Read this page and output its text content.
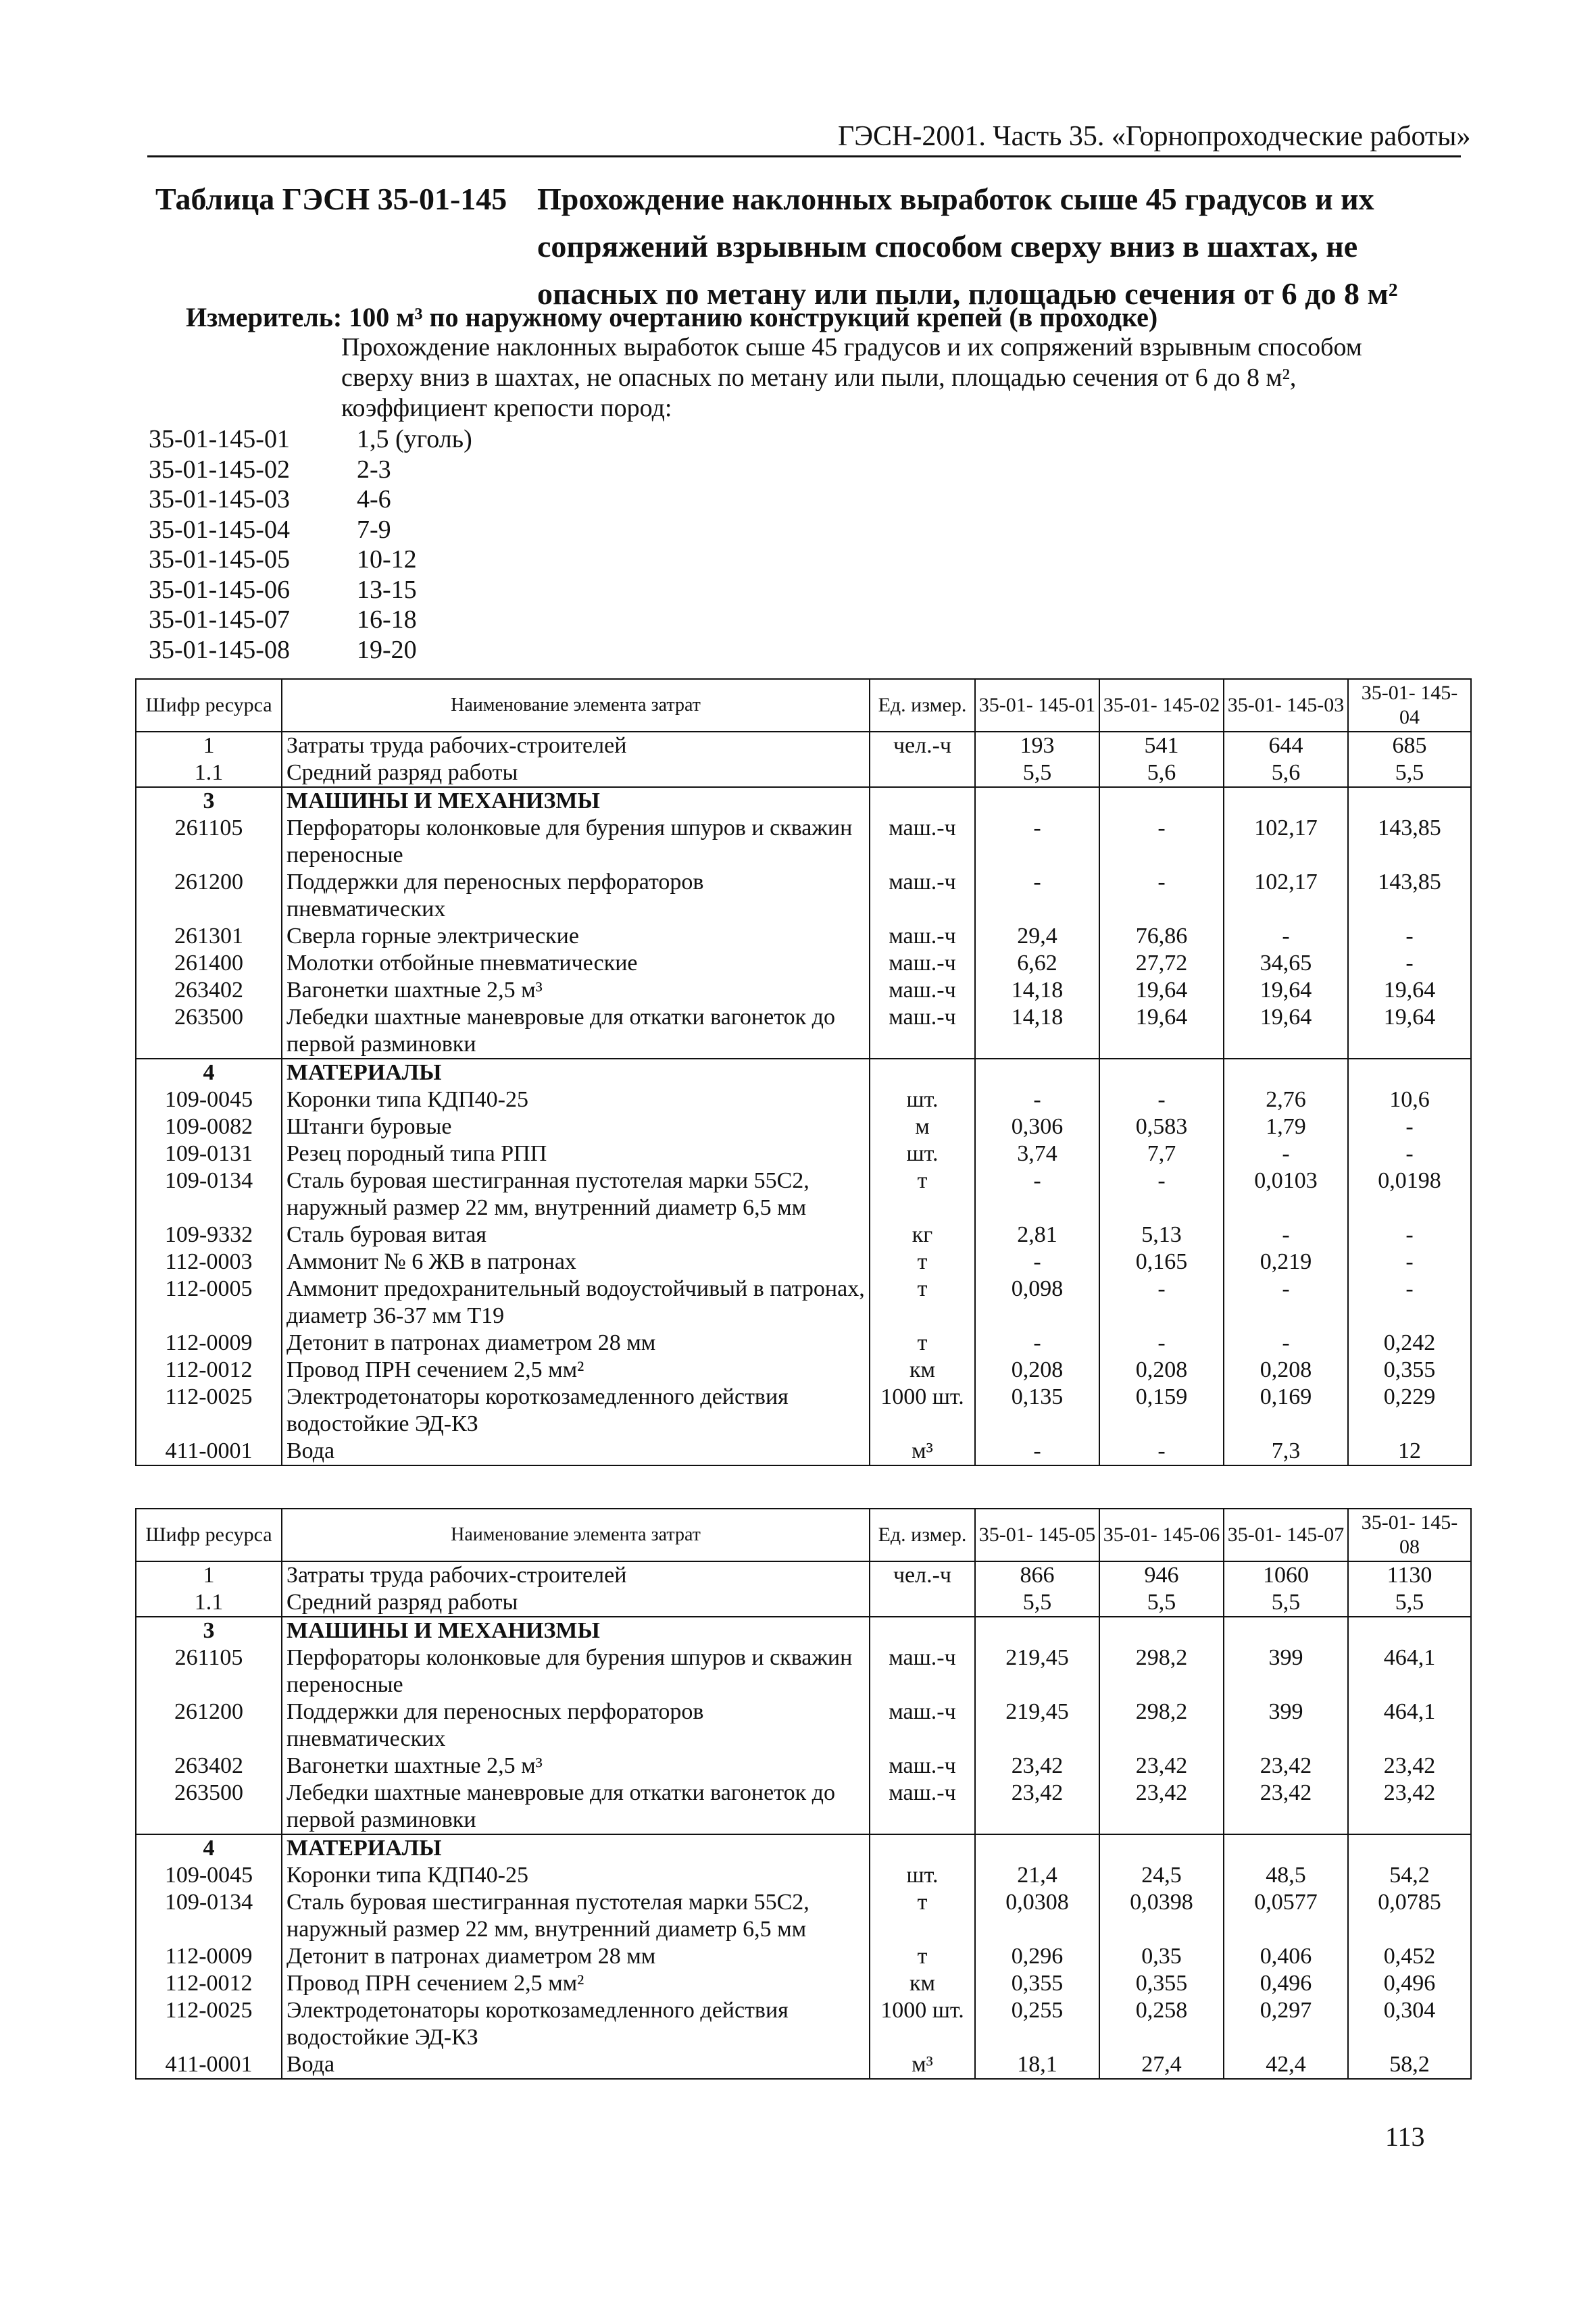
ГЭСН-2001. Часть 35. «Горнопроходческие работы»
Таблица ГЭСН 35-01-145 Прохождение наклонных выработок сыше 45 градусов и их
сопряжений взрывным способом сверху вниз в шахтах, не
опасных по метану или пыли, площадью сечения от 6 до 8 м²
Измеритель: 100 м³ по наружному очертанию конструкций крепей (в проходке)
Прохождение наклонных выработок сыше 45 градусов и их сопряжений взрывным способом
сверху вниз в шахтах, не опасных по метану или пыли, площадью сечения от 6 до 8 м²,
коэффициент крепости пород:
35-01-145-01	1,5 (уголь)
35-01-145-02	2-3
35-01-145-03	4-6
35-01-145-04	7-9
35-01-145-05	10-12
35-01-145-06	13-15
35-01-145-07	16-18
35-01-145-08	19-20
Шифр ресурса	Наименование элемента затрат	Ед. измер.	35-01- 145-01	35-01- 145-02	35-01- 145-03	35-01- 145-04
1	Затраты труда рабочих-строителей	чел.-ч	193	541	644	685
1.1	Средний разряд работы		5,5	5,6	5,6	5,5
3	МАШИНЫ И МЕХАНИЗМЫ					
261105	Перфораторы колонковые для бурения шпуров и скважин переносные	маш.-ч	-	-	102,17	143,85
261200	Поддержки для переносных перфораторов пневматических	маш.-ч	-	-	102,17	143,85
261301	Сверла горные электрические	маш.-ч	29,4	76,86	-	-
261400	Молотки отбойные пневматические	маш.-ч	6,62	27,72	34,65	-
263402	Вагонетки шахтные 2,5 м³	маш.-ч	14,18	19,64	19,64	19,64
263500	Лебедки шахтные маневровые для откатки вагонеток до первой разминовки	маш.-ч	14,18	19,64	19,64	19,64
4	МАТЕРИАЛЫ					
109-0045	Коронки типа КДП40-25	шт.	-	-	2,76	10,6
109-0082	Штанги буровые	м	0,306	0,583	1,79	-
109-0131	Резец породный типа РПП	шт.	3,74	7,7	-	-
109-0134	Сталь буровая шестигранная пустотелая марки 55С2, наружный размер 22 мм, внутренний диаметр 6,5 мм	т	-	-	0,0103	0,0198
109-9332	Сталь буровая витая	кг	2,81	5,13	-	-
112-0003	Аммонит № 6 ЖВ в патронах	т	-	0,165	0,219	-
112-0005	Аммонит предохранительный водоустойчивый в патронах, диаметр 36-37 мм Т19	т	0,098	-	-	-
112-0009	Детонит в патронах диаметром 28 мм	т	-	-	-	0,242
112-0012	Провод ПРН сечением 2,5 мм²	км	0,208	0,208	0,208	0,355
112-0025	Электродетонаторы короткозамедленного действия водостойкие ЭД-КЗ	1000 шт.	0,135	0,159	0,169	0,229
411-0001	Вода	м³	-	-	7,3	12
Шифр ресурса	Наименование элемента затрат	Ед. измер.	35-01- 145-05	35-01- 145-06	35-01- 145-07	35-01- 145-08
1	Затраты труда рабочих-строителей	чел.-ч	866	946	1060	1130
1.1	Средний разряд работы		5,5	5,5	5,5	5,5
3	МАШИНЫ И МЕХАНИЗМЫ					
261105	Перфораторы колонковые для бурения шпуров и скважин переносные	маш.-ч	219,45	298,2	399	464,1
261200	Поддержки для переносных перфораторов пневматических	маш.-ч	219,45	298,2	399	464,1
263402	Вагонетки шахтные 2,5 м³	маш.-ч	23,42	23,42	23,42	23,42
263500	Лебедки шахтные маневровые для откатки вагонеток до первой разминовки	маш.-ч	23,42	23,42	23,42	23,42
4	МАТЕРИАЛЫ					
109-0045	Коронки типа КДП40-25	шт.	21,4	24,5	48,5	54,2
109-0134	Сталь буровая шестигранная пустотелая марки 55С2, наружный размер 22 мм, внутренний диаметр 6,5 мм	т	0,0308	0,0398	0,0577	0,0785
112-0009	Детонит в патронах диаметром 28 мм	т	0,296	0,35	0,406	0,452
112-0012	Провод ПРН сечением 2,5 мм²	км	0,355	0,355	0,496	0,496
112-0025	Электродетонаторы короткозамедленного действия водостойкие ЭД-КЗ	1000 шт.	0,255	0,258	0,297	0,304
411-0001	Вода	м³	18,1	27,4	42,4	58,2
113
